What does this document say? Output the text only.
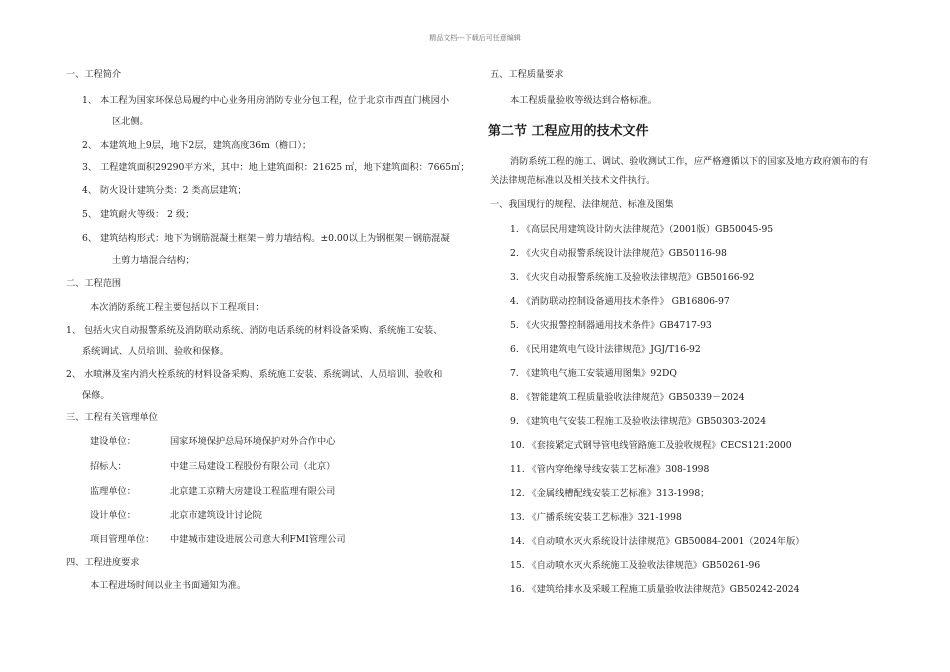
精品文档---下载后可任意编辑
一、工程简介
1、 本工程为国家环保总局履约中心业务用房消防专业分包工程，位于北京市西直门桃园小
区北侧。
2、 本建筑地上9层，地下2层，建筑高度36m（檐口）；
3、 工程建筑面积29290平方米，其中：地上建筑面积：21625 ㎡，地下建筑面积：7665㎡；
4、 防火设计建筑分类：2 类高层建筑；
5、 建筑耐火等级： 2 级；
6、 建筑结构形式：地下为钢筋混凝土框架－剪力墙结构。±0.00以上为钢框架－钢筋混凝
土剪力墙混合结构；
二、工程范围
本次消防系统工程主要包括以下工程项目：
1、 包括火灾自动报警系统及消防联动系统、消防电话系统的材料设备采购、系统施工安装、
系统调试、人员培训、验收和保修。
2、 水喷淋及室内消火栓系统的材料设备采购、系统施工安装、系统调试、人员培训、验收和
保修。
三、工程有关管理单位
建设单位：	国家环境保护总局环境保护对外合作中心
招标人：	中建三局建设工程股份有限公司（北京）
监理单位：	北京建工京精大房建设工程监理有限公司
设计单位：	北京市建筑设计讨论院
项目管理单位： 中建城市建设进展公司意大利FMI管理公司
四、工程进度要求
本工程进场时间以业主书面通知为准。
五、工程质量要求
本工程质量验收等级达到合格标准。
第二节 工程应用的技术文件
消防系统工程的施工、调试、验收测试工作，应严格遵循以下的国家及地方政府颁布的有
关法律规范标准以及相关技术文件执行。
一、我国现行的规程、法律规范、标准及图集
1. 《高层民用建筑设计防火法律规范》（2001版）GB50045-95
2. 《火灾自动报警系统设计法律规范》GB50116-98
3. 《火灾自动报警系统施工及验收法律规范》GB50166-92
4. 《消防联动控制设备通用技术条件》 GB16806-97
5. 《火灾报警控制器通用技术条件》GB4717-93
6. 《民用建筑电气设计法律规范》JGJ/T16-92
7. 《建筑电气施工安装通用图集》92DQ
8. 《智能建筑工程质量验收法律规范》GB50339－2024
9. 《建筑电气安装工程施工及验收法律规范》GB50303-2024
10. 《套接紧定式钢导管电线管路施工及验收规程》CECS121:2000
11. 《管内穿绝缘导线安装工艺标准》308-1998
12. 《金属线槽配线安装工艺标准》313-1998；
13. 《广播系统安装工艺标准》321-1998
14. 《自动喷水灭火系统设计法律规范》GB50084-2001（2024年版）
15. 《自动喷水灭火系统施工及验收法律规范》GB50261-96
16. 《建筑给排水及采暖工程施工质量验收法律规范》GB50242-2024
